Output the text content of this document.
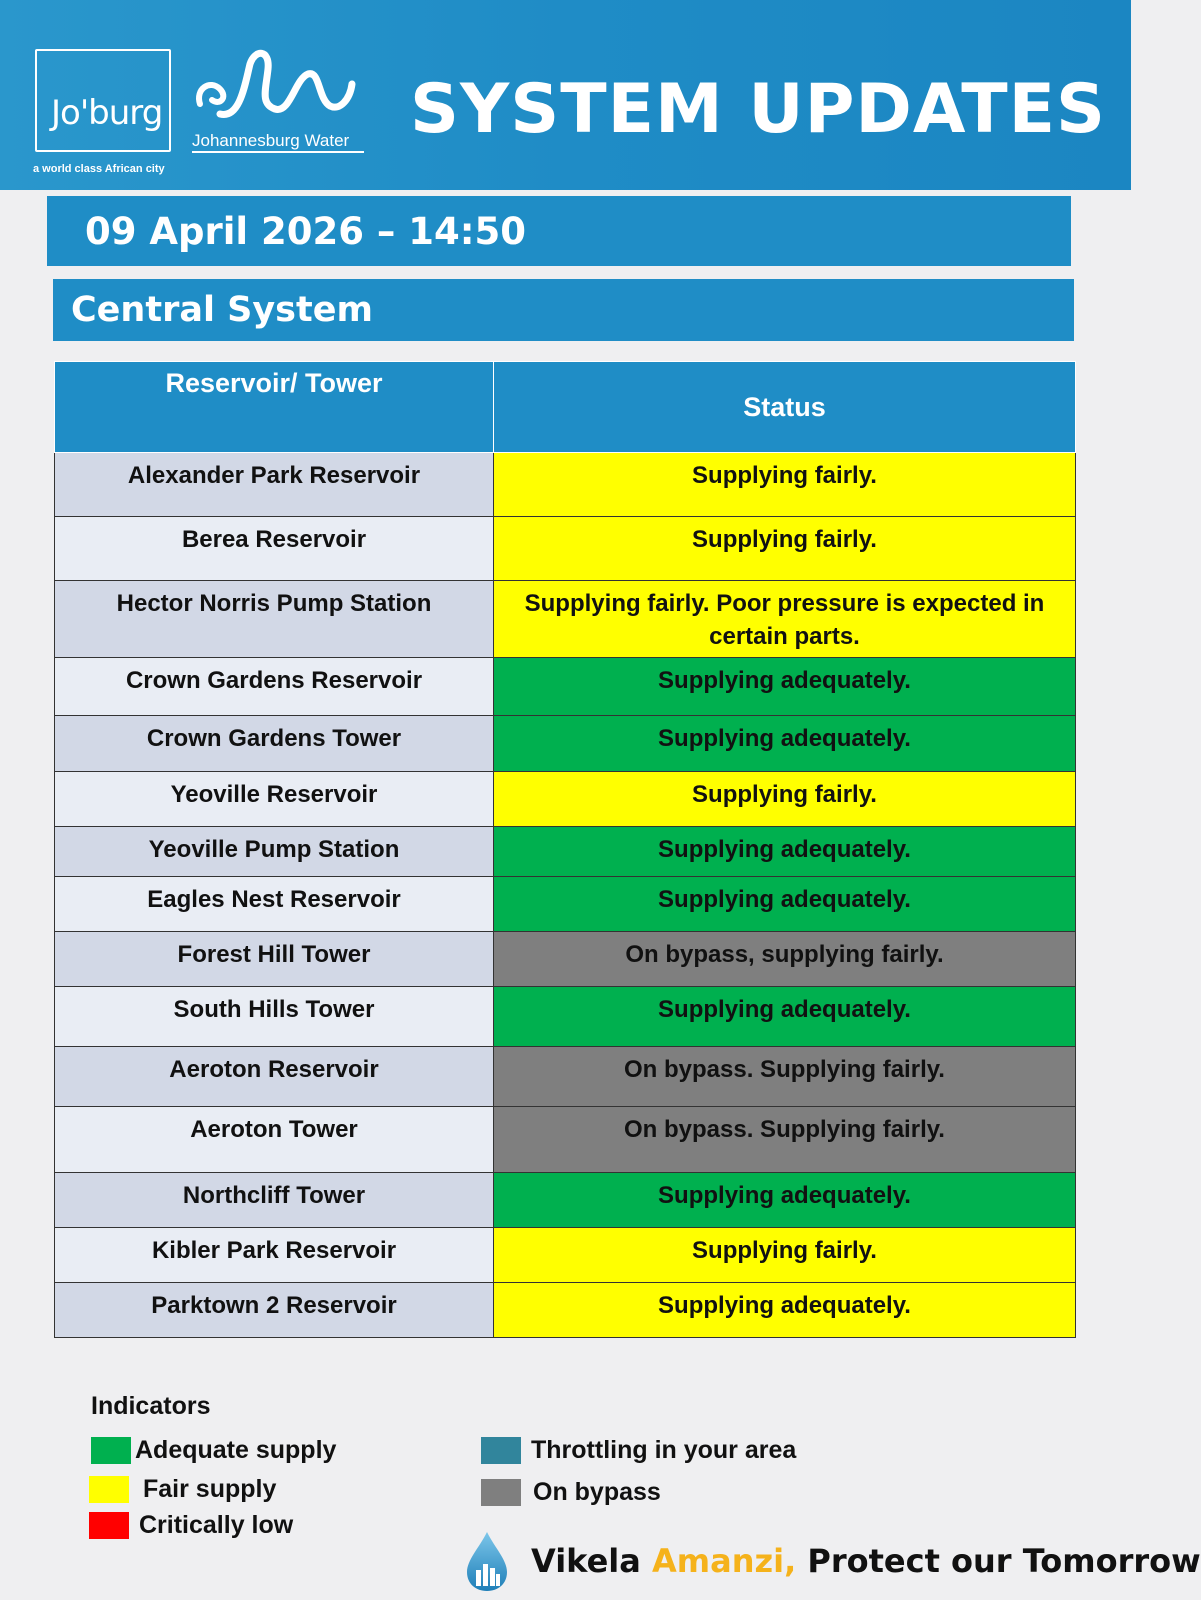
Jo'burg
a world class African city
Johannesburg Water SYSTEM UPDATES
09 April 2026 – 14:50
Central System
Reservoir/ Tower	Status
Alexander Park Reservoir	Supplying fairly.
Berea Reservoir	Supplying fairly.
Hector Norris Pump Station	Supplying fairly. Poor pressure is expected in certain parts.
Crown Gardens Reservoir	Supplying adequately.
Crown Gardens Tower	Supplying adequately.
Yeoville Reservoir	Supplying fairly.
Yeoville Pump Station	Supplying adequately.
Eagles Nest Reservoir	Supplying adequately.
Forest Hill Tower	On bypass, supplying fairly.
South Hills Tower	Supplying adequately.
Aeroton Reservoir	On bypass. Supplying fairly.
Aeroton Tower	On bypass. Supplying fairly.
Northcliff Tower	Supplying adequately.
Kibler Park Reservoir	Supplying fairly.
Parktown 2 Reservoir	Supplying adequately.
Indicators
Adequate supply
Fair supply
Critically low
Throttling in your area
On bypass
Vikela Amanzi, Protect our Tomorrow
